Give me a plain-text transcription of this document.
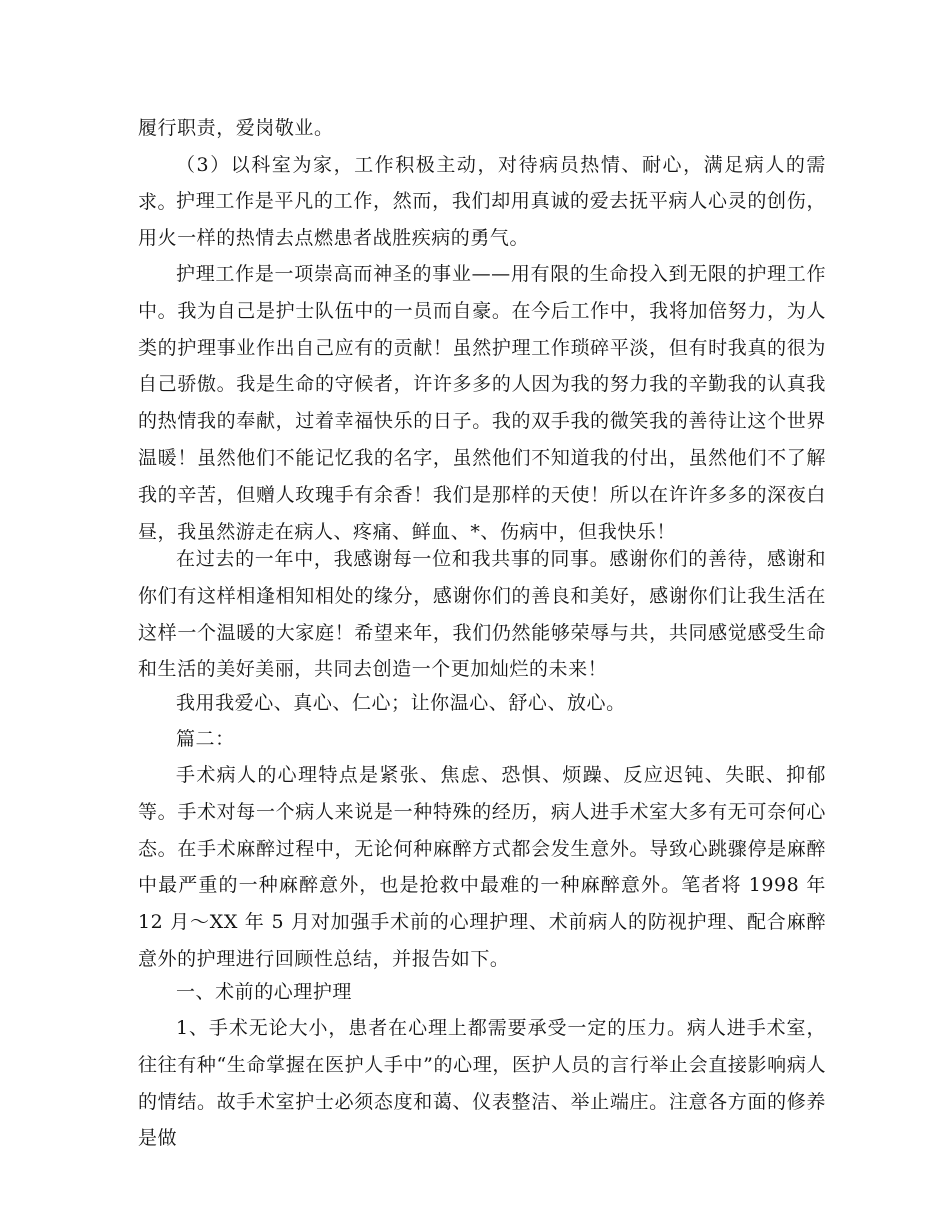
履行职责，爱岗敬业。

（3）以科室为家，工作积极主动，对待病员热情、耐心，满足病人的需求。

护理工作是平凡的工作，然而，我们却用真诚的爱去抚平病人心灵的创伤，用火一样的热情去点燃患者战胜疾病的勇气。

护理工作是一项崇高而神圣的事业——用有限的生命投入到无限的护理工作中。我为自己是护士队伍中的一员而自豪。在今后工作中，我将加倍努力，为人类的护理事业作出自己应有的贡献！虽然护理工作琐碎平淡，但有时我真的很为自己骄傲。我是生命的守候者，许许多多的人因为我的努力我的辛勤我的认真我的热情我的奉献，过着幸福快乐的日子。我的双手我的微笑我的善待让这个世界温暖！虽然他们不能记忆我的名字，虽然他们不知道我的付出，虽然他们不了解我的辛苦，但赠人玫瑰手有余香！我们是那样的天使！所以在许许多多的深夜白昼，我虽然游走在病人、疼痛、鲜血、*、伤病中，但我快乐！

在过去的一年中，我感谢每一位和我共事的同事。感谢你们的善待，感谢和你们有这样相逢相知相处的缘分，感谢你们的善良和美好，感谢你们让我生活在这样一个温暖的大家庭！希望来年，我们仍然能够荣辱与共，共同感觉感受生命和生活的美好美丽，共同去创造一个更加灿烂的未来！

我用我爱心、真心、仁心；让你温心、舒心、放心。

篇二：

手术病人的心理特点是紧张、焦虑、恐惧、烦躁、反应迟钝、失眠、抑郁等。手术对每一个病人来说是一种特殊的经历，病人进手术室大多有无可奈何心态。在手术麻醉过程中，无论何种麻醉方式都会发生意外。导致心跳骤停是麻醉中最严重的一种麻醉意外，也是抢救中最难的一种麻醉意外。笔者将 1998 年 12 月～XX 年 5 月对加强手术前的心理护理、术前病人的防视护理、配合麻醉意外的护理进行回顾性总结，并报告如下。

一、术前的心理护理

1、手术无论大小，患者在心理上都需要承受一定的压力。病人进手术室，往往有种“生命掌握在医护人手中”的心理，医护人员的言行举止会直接影响病人的情结。故手术室护士必须态度和蔼、仪表整洁、举止端庄。注意各方面的修养是做
